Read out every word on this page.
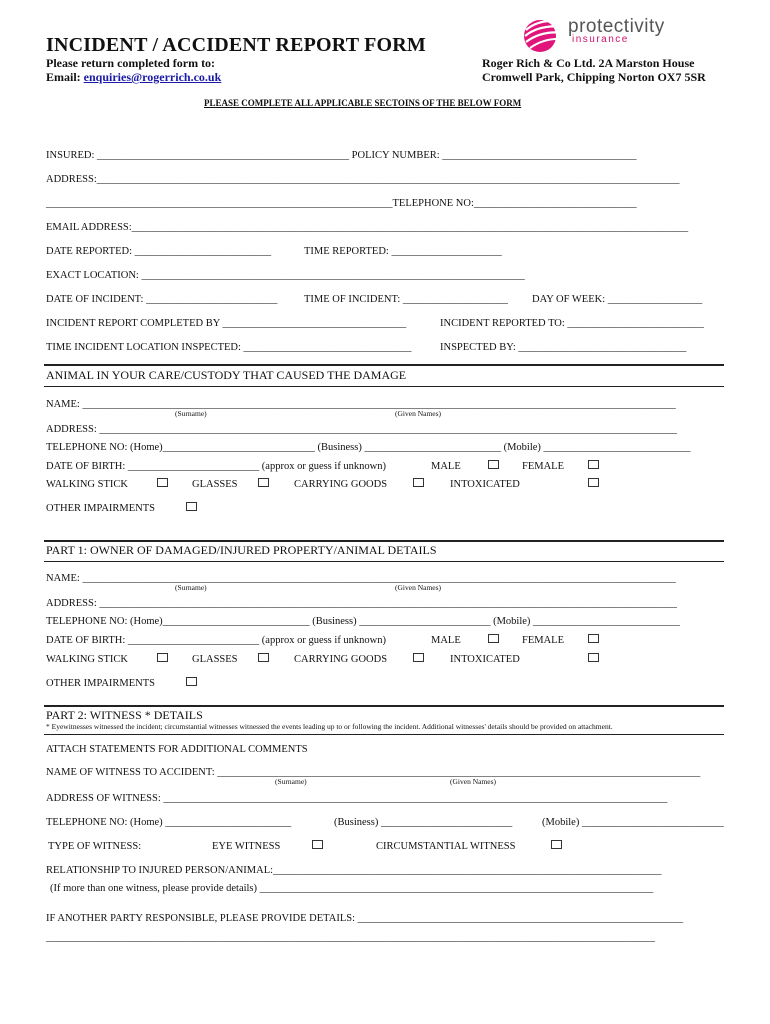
INCIDENT / ACCIDENT REPORT FORM
Please return completed form to:
Email: enquiries@rogerrich.co.uk
Roger Rich & Co Ltd. 2A Marston House
Cromwell Park, Chipping Norton OX7 5SR
protectivity
insurance
PLEASE COMPLETE ALL APPLICABLE SECTOINS OF THE BELOW FORM
INSURED: ________________________________________________ POLICY NUMBER: _____________________________________
ADDRESS:_______________________________________________________________________________________________________________
__________________________________________________________________TELEPHONE NO:_______________________________
EMAIL ADDRESS:__________________________________________________________________________________________________________
DATE REPORTED: __________________________	TIME REPORTED: _____________________
EXACT LOCATION: _________________________________________________________________________
DATE OF INCIDENT: _________________________	TIME OF INCIDENT: ____________________ DAY OF WEEK: __________________
INCIDENT REPORT COMPLETED BY ___________________________________	INCIDENT REPORTED TO: __________________________
TIME INCIDENT LOCATION INSPECTED: ________________________________	INSPECTED BY: ________________________________
ANIMAL IN YOUR CARE/CUSTODY THAT CAUSED THE DAMAGE
NAME: _________________________________________________________________________________________________________________
(Surname)	(Given Names)
ADDRESS: ______________________________________________________________________________________________________________
TELEPHONE NO: (Home)_____________________________ (Business) __________________________ (Mobile) ____________________________
DATE OF BIRTH: _________________________ (approx or guess if unknown)	MALE	FEMALE
WALKING STICK	GLASSES	CARRYING GOODS	INTOXICATED
OTHER IMPAIRMENTS
PART 1: OWNER OF DAMAGED/INJURED PROPERTY/ANIMAL DETAILS
NAME: _________________________________________________________________________________________________________________
(Surname)	(Given Names)
ADDRESS: ______________________________________________________________________________________________________________
TELEPHONE NO: (Home)____________________________ (Business) _________________________ (Mobile) ____________________________
DATE OF BIRTH: _________________________ (approx or guess if unknown)	MALE	FEMALE
WALKING STICK	GLASSES	CARRYING GOODS	INTOXICATED
OTHER IMPAIRMENTS
PART 2: WITNESS * DETAILS
* Eyewitnesses witnessed the incident; circumstantial witnesses witnessed the events leading up to or following the incident. Additional witnesses' details should be provided on attachment.
ATTACH STATEMENTS FOR ADDITIONAL COMMENTS
NAME OF WITNESS TO ACCIDENT: ____________________________________________________________________________________________
(Surname)	(Given Names)
ADDRESS OF WITNESS: ________________________________________________________________________________________________
TELEPHONE NO: (Home) ________________________	(Business) _________________________	(Mobile) ___________________________
TYPE OF WITNESS:	EYE WITNESS	CIRCUMSTANTIAL WITNESS
RELATIONSHIP TO INJURED PERSON/ANIMAL:__________________________________________________________________________
(If more than one witness, please provide details) ___________________________________________________________________________
IF ANOTHER PARTY RESPONSIBLE, PLEASE PROVIDE DETAILS: ______________________________________________________________
____________________________________________________________________________________________________________________
